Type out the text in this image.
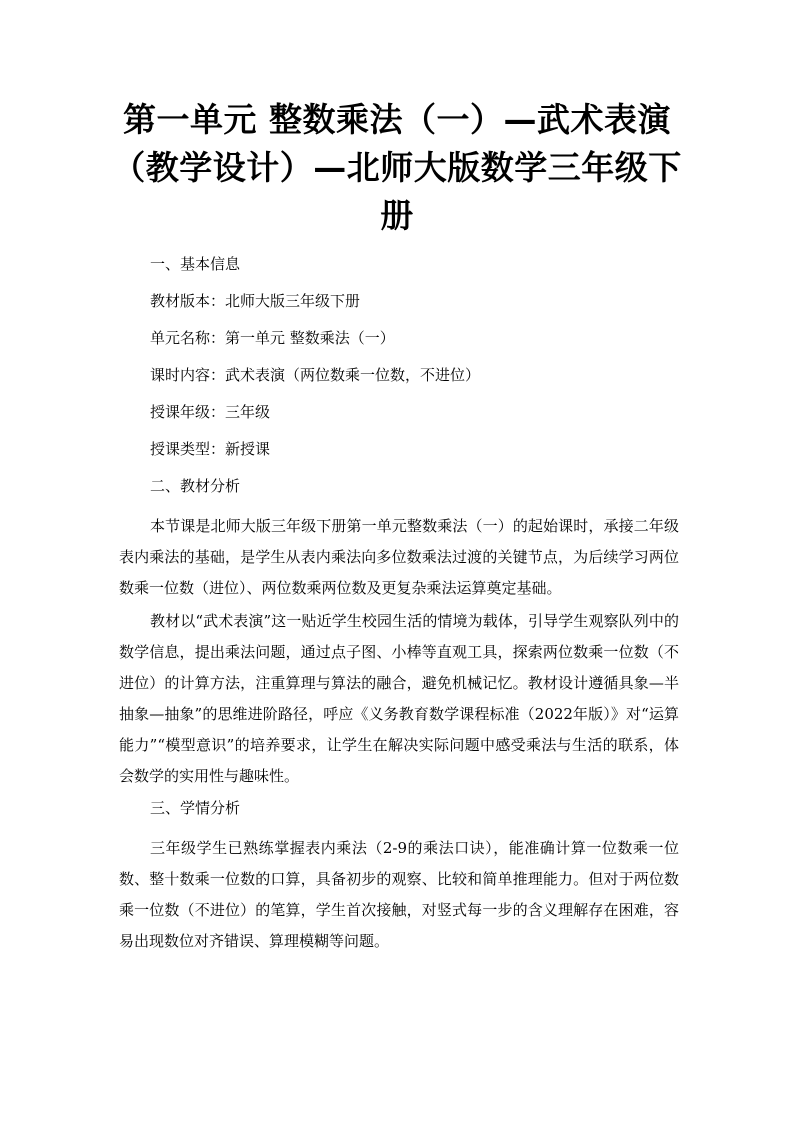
第一单元 整数乘法（一）—武术表演
（教学设计）—北师大版数学三年级下
册
一、基本信息
教材版本：北师大版三年级下册
单元名称：第一单元 整数乘法（一）
课时内容：武术表演（两位数乘一位数，不进位）
授课年级：三年级
授课类型：新授课
二、教材分析

本节课是北师大版三年级下册第一单元整数乘法（一）的起始课时，承接二年级表内乘法的基础，是学生从表内乘法向多位数乘法过渡的关键节点，为后续学习两位数乘一位数（进位）、两位数乘两位数及更复杂乘法运算奠定基础。

教材以“武术表演”这一贴近学生校园生活的情境为载体，引导学生观察队列中的数学信息，提出乘法问题，通过点子图、小棒等直观工具，探索两位数乘一位数（不进位）的计算方法，注重算理与算法的融合，避免机械记忆。教材设计遵循具象—半抽象—抽象”的思维进阶路径，呼应《义务教育数学课程标准（2022年版）》对“运算能力”“模型意识”的培养要求，让学生在解决实际问题中感受乘法与生活的联系，体会数学的实用性与趣味性。

三、学情分析

三年级学生已熟练掌握表内乘法（2-9的乘法口诀），能准确计算一位数乘一位数、整十数乘一位数的口算，具备初步的观察、比较和简单推理能力。但对于两位数乘一位数（不进位）的笔算，学生首次接触，对竖式每一步的含义理解存在困难，容易出现数位对齐错误、算理模糊等问题。
